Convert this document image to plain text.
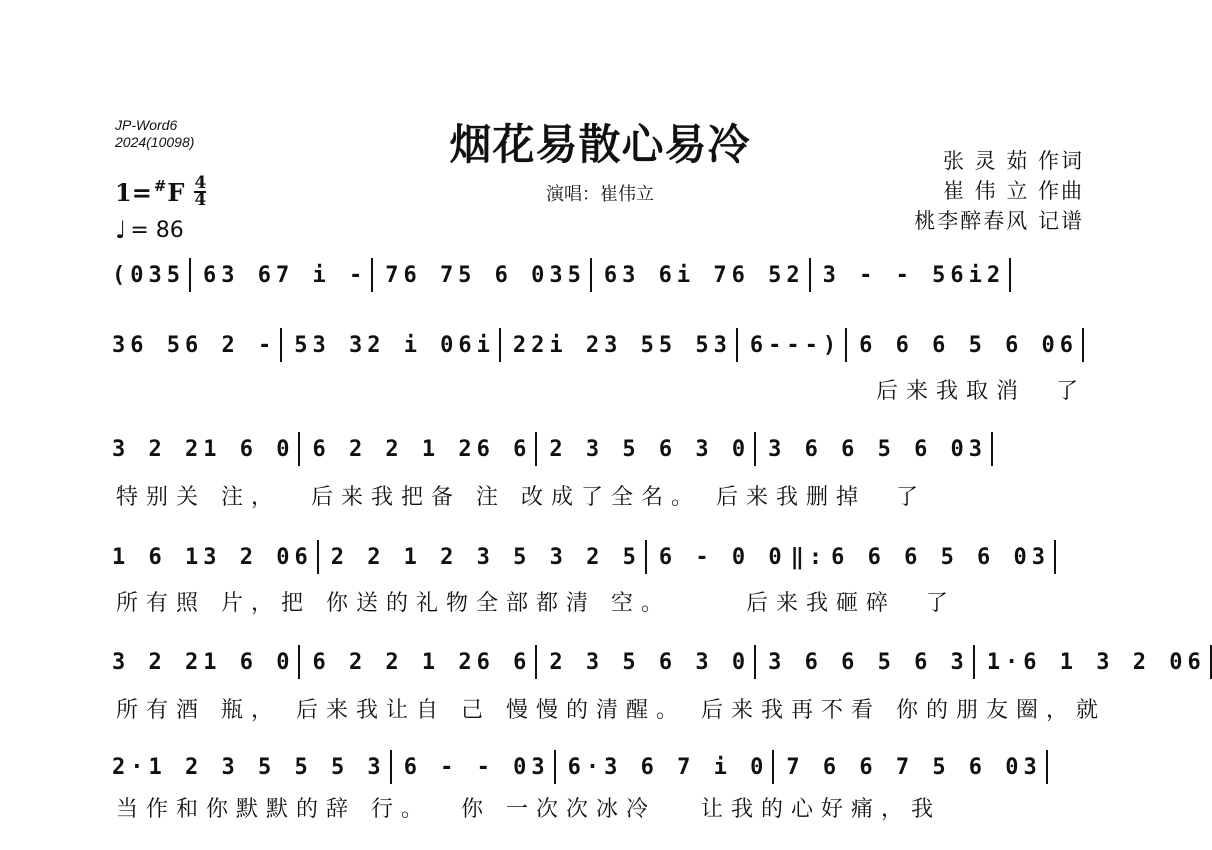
JP-Word6
2024(10098)	烟花易散心易冷
演唱：崔伟立
张 灵 茹 作词
崔 伟 立 作曲
桃李醉春风 记谱
1=# F 4
4
♩ = 86
(035 63 67 i - 76 75 6 035 63 6i 76 52 3 - - 56i2
36 56 2 - 53 32 i 06i 22i 23 55 53 6---) 6 6 6 5 6 06
后来我取消  了
3 2 21 6 0 6 2 2 1 26 6 2 3 5 6 3 0 3 6 6 5 6 03
特别关 注，  后来我把备 注 改成了全名。 后来我删掉  了
1 6 13 2 06 2 2 1 2 3 5 3 2 5 6 - 0 0 ‖: 6 6 6 5 6 03
所有照 片，把 你送的礼物全部都清 空。     后来我砸碎  了
3 2 21 6 0 6 2 2 1 26 6 2 3 5 6 3 0 3 6 6 5 6 3 1·6 1 3 2 06
所有酒 瓶， 后来我让自 己 慢慢的清醒。 后来我再不看 你的朋友圈，就
2·1 2 3 5 5 5 3 6 - - 03 6·3 6 7 i 0 7 6 6 7 5 6 03
当作和你默默的辞 行。  你 一次次冰冷   让我的心好痛，我
